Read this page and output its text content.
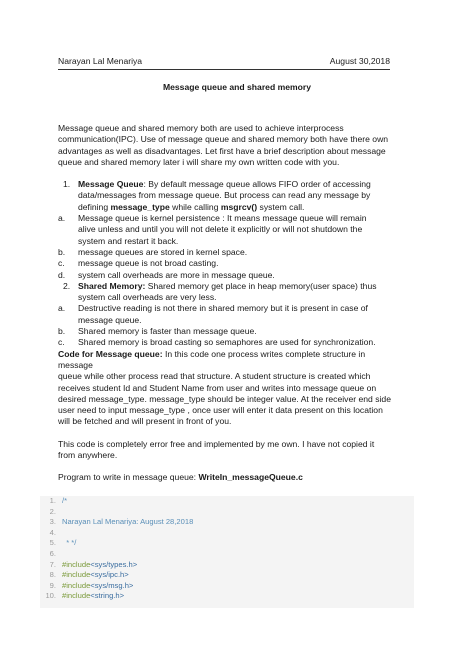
Narayan Lal Menariya	August 30,2018
Message queue and shared memory

Message queue and shared memory both are used to achieve interprocess
communication(IPC). Use of message queue and shared memory both have there own
advantages as well as disadvantages. Let first have a brief description about message
queue and shared memory later i will share my own written code with you.

1. Message Queue: By default message queue allows FIFO order of accessing
data/messages from message queue. But process can read any message by
defining message_type while calling msgrcv() system call.
a.	Message queue is kernel persistence : It means message queue will remain
alive unless and until you will not delete it explicitly or will not shutdown the
system and restart it back.
b.	message queues are stored in kernel space.
c.	message queue is not broad casting.
d.	system call overheads are more in message queue.
2. Shared Memory: Shared memory get place in heap memory(user space) thus
system call overheads are very less.
a.	Destructive reading is not there in shared memory but it is present in case of
message queue.
b.	Shared memory is faster than message queue.
c.	Shared memory is broad casting so semaphores are used for synchronization.

Code for Message queue: In this code one process writes complete structure in message
queue while other process read that structure. A student structure is created which
receives student Id and Student Name from user and writes into message queue on
desired message_type. message_type should be integer value. At the receiver end side
user need to input message_type , once user will enter it data present on this location
will be fetched and will present in front of you.

This code is completely error free and implemented by me own. I have not copied it
from anywhere.

Program to write in message queue: WriteIn_messageQueue.c

1. /*
2.
3. Narayan Lal Menariya: August 28,2018
4.
5. * */
6.
7. #include<sys/types.h>
8. #include<sys/ipc.h>
9. #include<sys/msg.h>
10. #include<string.h>
